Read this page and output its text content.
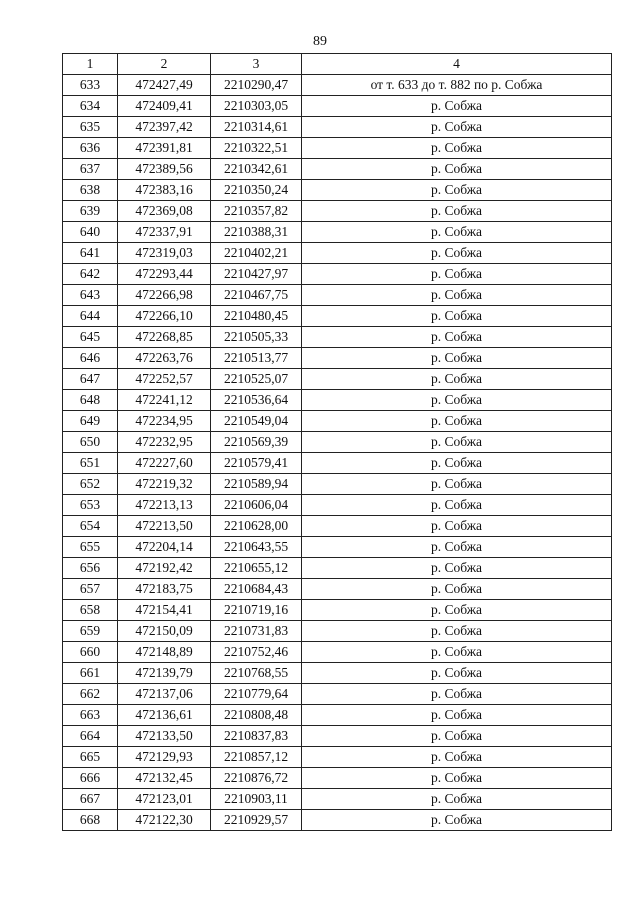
89
1	2	3	4
633	472427,49	2210290,47	от т. 633 до т. 882 по р. Собжа
634	472409,41	2210303,05	р. Собжа
635	472397,42	2210314,61	р. Собжа
636	472391,81	2210322,51	р. Собжа
637	472389,56	2210342,61	р. Собжа
638	472383,16	2210350,24	р. Собжа
639	472369,08	2210357,82	р. Собжа
640	472337,91	2210388,31	р. Собжа
641	472319,03	2210402,21	р. Собжа
642	472293,44	2210427,97	р. Собжа
643	472266,98	2210467,75	р. Собжа
644	472266,10	2210480,45	р. Собжа
645	472268,85	2210505,33	р. Собжа
646	472263,76	2210513,77	р. Собжа
647	472252,57	2210525,07	р. Собжа
648	472241,12	2210536,64	р. Собжа
649	472234,95	2210549,04	р. Собжа
650	472232,95	2210569,39	р. Собжа
651	472227,60	2210579,41	р. Собжа
652	472219,32	2210589,94	р. Собжа
653	472213,13	2210606,04	р. Собжа
654	472213,50	2210628,00	р. Собжа
655	472204,14	2210643,55	р. Собжа
656	472192,42	2210655,12	р. Собжа
657	472183,75	2210684,43	р. Собжа
658	472154,41	2210719,16	р. Собжа
659	472150,09	2210731,83	р. Собжа
660	472148,89	2210752,46	р. Собжа
661	472139,79	2210768,55	р. Собжа
662	472137,06	2210779,64	р. Собжа
663	472136,61	2210808,48	р. Собжа
664	472133,50	2210837,83	р. Собжа
665	472129,93	2210857,12	р. Собжа
666	472132,45	2210876,72	р. Собжа
667	472123,01	2210903,11	р. Собжа
668	472122,30	2210929,57	р. Собжа
